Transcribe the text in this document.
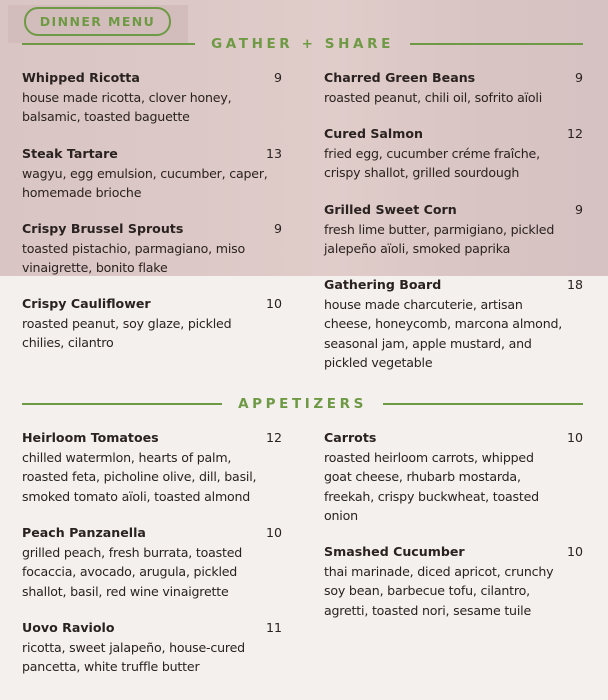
DINNER MENU
GATHER + SHARE
APPETIZERS
Whipped Ricotta	9
house made ricotta, clover honey,
balsamic, toasted baguette
Steak Tartare	13
wagyu, egg emulsion, cucumber, caper,
homemade brioche
Crispy Brussel Sprouts	9
toasted pistachio, parmagiano, miso
vinaigrette, bonito flake
Crispy Cauliflower	10
roasted peanut, soy glaze, pickled
chilies, cilantro
Charred Green Beans	9
roasted peanut, chili oil, sofrito aïoli
Cured Salmon	12
fried egg, cucumber créme fraîche,
crispy shallot, grilled sourdough
Grilled Sweet Corn	9
fresh lime butter, parmigiano, pickled
jalepeño aïoli, smoked paprika
Gathering Board	18
house made charcuterie, artisan
cheese, honeycomb, marcona almond,
seasonal jam, apple mustard, and
pickled vegetable
Heirloom Tomatoes	12
chilled watermlon, hearts of palm,
roasted feta, picholine olive, dill, basil,
smoked tomato aïoli, toasted almond
Peach Panzanella	10
grilled peach, fresh burrata, toasted
focaccia, avocado, arugula, pickled
shallot, basil, red wine vinaigrette
Uovo Raviolo	11
ricotta, sweet jalapeño, house-cured
pancetta, white truffle butter
Carrots	10
roasted heirloom carrots, whipped
goat cheese, rhubarb mostarda,
freekah, crispy buckwheat, toasted
onion
Smashed Cucumber	10
thai marinade, diced apricot, crunchy
soy bean, barbecue tofu, cilantro,
agretti, toasted nori, sesame tuile
